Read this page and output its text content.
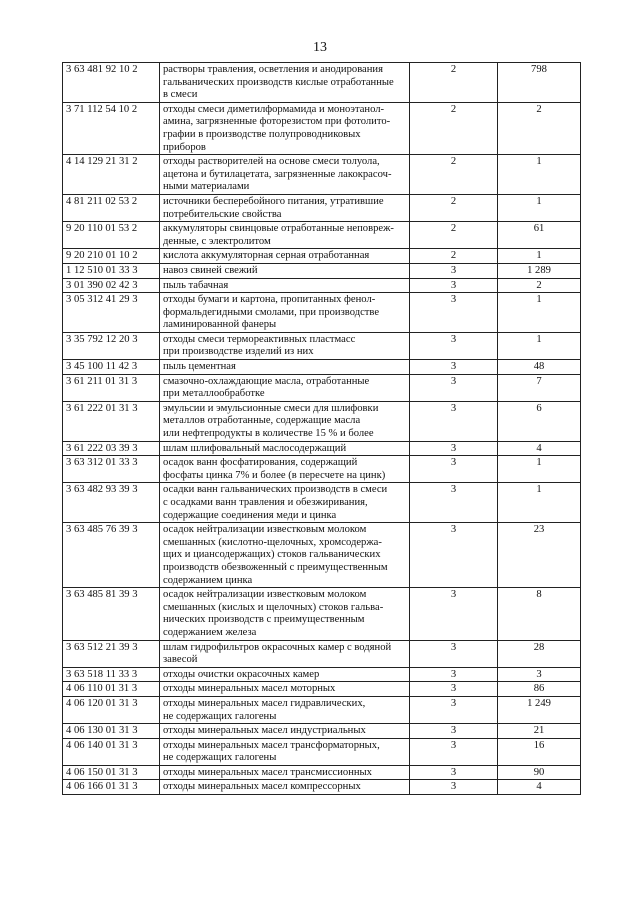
13
3 63 481 92 10 2	растворы травления, осветления и анодирования
гальванических производств кислые отработанные
в смеси	2	798
3 71 112 54 10 2	отходы смеси диметилформамида и моноэтанол-
амина, загрязненные фоторезистом при фотолито-
графии в производстве полупроводниковых
приборов	2	2
4 14 129 21 31 2	отходы растворителей на основе смеси толуола,
ацетона и бутилацетата, загрязненные лакокрасоч-
ными материалами	2	1
4 81 211 02 53 2	источники бесперебойного питания, утратившие
потребительские свойства	2	1
9 20 110 01 53 2	аккумуляторы свинцовые отработанные неповреж-
денные, с электролитом	2	61
9 20 210 01 10 2	кислота аккумуляторная серная отработанная	2	1
1 12 510 01 33 3	навоз свиней свежий	3	1 289
3 01 390 02 42 3	пыль табачная	3	2
3 05 312 41 29 3	отходы бумаги и картона, пропитанных фенол-
формальдегидными смолами, при производстве
ламинированной фанеры	3	1
3 35 792 12 20 3	отходы смеси термореактивных пластмасс
при производстве изделий из них	3	1
3 45 100 11 42 3	пыль цементная	3	48
3 61 211 01 31 3	смазочно-охлаждающие масла, отработанные
при металлообработке	3	7
3 61 222 01 31 3	эмульсии и эмульсионные смеси для шлифовки
металлов отработанные, содержащие масла
или нефтепродукты в количестве 15 % и более	3	6
3 61 222 03 39 3	шлам шлифовальный маслосодержащий	3	4
3 63 312 01 33 3	осадок ванн фосфатирования, содержащий
фосфаты цинка 7% и более (в пересчете на цинк)	3	1
3 63 482 93 39 3	осадки ванн гальванических производств в смеси
с осадками ванн травления и обезжиривания,
содержащие соединения меди и цинка	3	1
3 63 485 76 39 3	осадок нейтрализации известковым молоком
смешанных (кислотно-щелочных, хромсодержа-
щих и циансодержащих) стоков гальванических
производств обезвоженный с преимущественным
содержанием цинка	3	23
3 63 485 81 39 3	осадок нейтрализации известковым молоком
смешанных (кислых и щелочных) стоков гальва-
нических производств с преимущественным
содержанием железа	3	8
3 63 512 21 39 3	шлам гидрофильтров окрасочных камер с водяной
завесой	3	28
3 63 518 11 33 3	отходы очистки окрасочных камер	3	3
4 06 110 01 31 3	отходы минеральных масел моторных	3	86
4 06 120 01 31 3	отходы минеральных масел гидравлических,
не содержащих галогены	3	1 249
4 06 130 01 31 3	отходы минеральных масел индустриальных	3	21
4 06 140 01 31 3	отходы минеральных масел трансформаторных,
не содержащих галогены	3	16
4 06 150 01 31 3	отходы минеральных масел трансмиссионных	3	90
4 06 166 01 31 3	отходы минеральных масел компрессорных	3	4
